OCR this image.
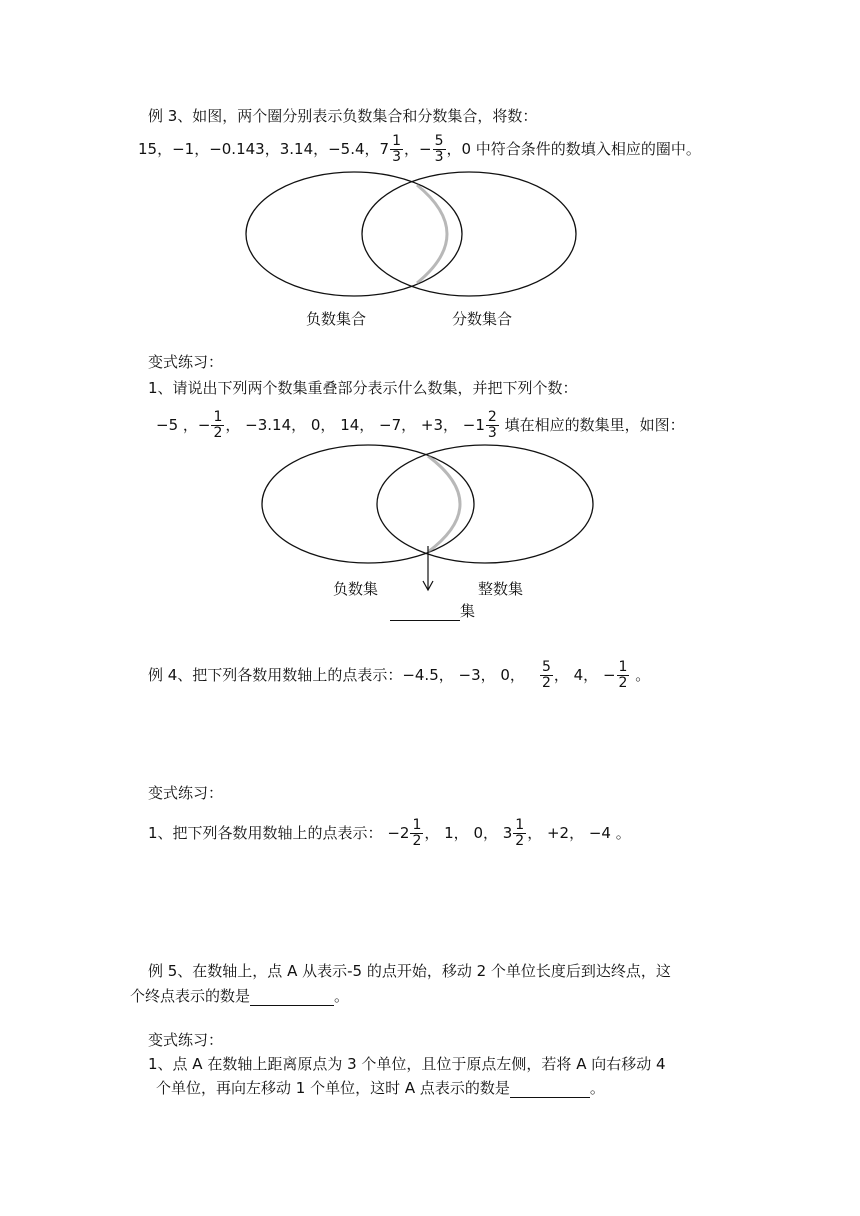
例 3、如图，两个圈分别表示负数集合和分数集合，将数：
15，−1，−0.143，3.14，−5.4，$7 \frac{1}{3}$ ，− $\frac{5}{3}$ ，0 中符合条件的数填入相应的圈中。
负数集合	分数集合
变式练习：
1、请说出下列两个数集重叠部分表示什么数集，并把下列个数：
−5 ，− $\frac{1}{2}$ ， −3.14， 0， 14， −7， +3， $-1 \frac{2}{3}$ 填在相应的数集里，如图：
负数集	整数集
集
例 4、把下列各数用数轴上的点表示：−4.5， −3， 0， $\frac{5}{2}$ ， 4， − $\frac{1}{2}$ 。
变式练习：
1、把下列各数用数轴上的点表示： $-2 \frac{1}{2}$ ， 1， 0， $3 \frac{1}{2}$ ， +2， −4 。
例 5、在数轴上，点 A 从表示-5 的点开始，移动 2 个单位长度后到达终点，这
个终点表示的数是	。
变式练习：
1、点 A 在数轴上距离原点为 3 个单位，且位于原点左侧，若将 A 向右移动 4
个单位，再向左移动 1 个单位，这时 A 点表示的数是	。
